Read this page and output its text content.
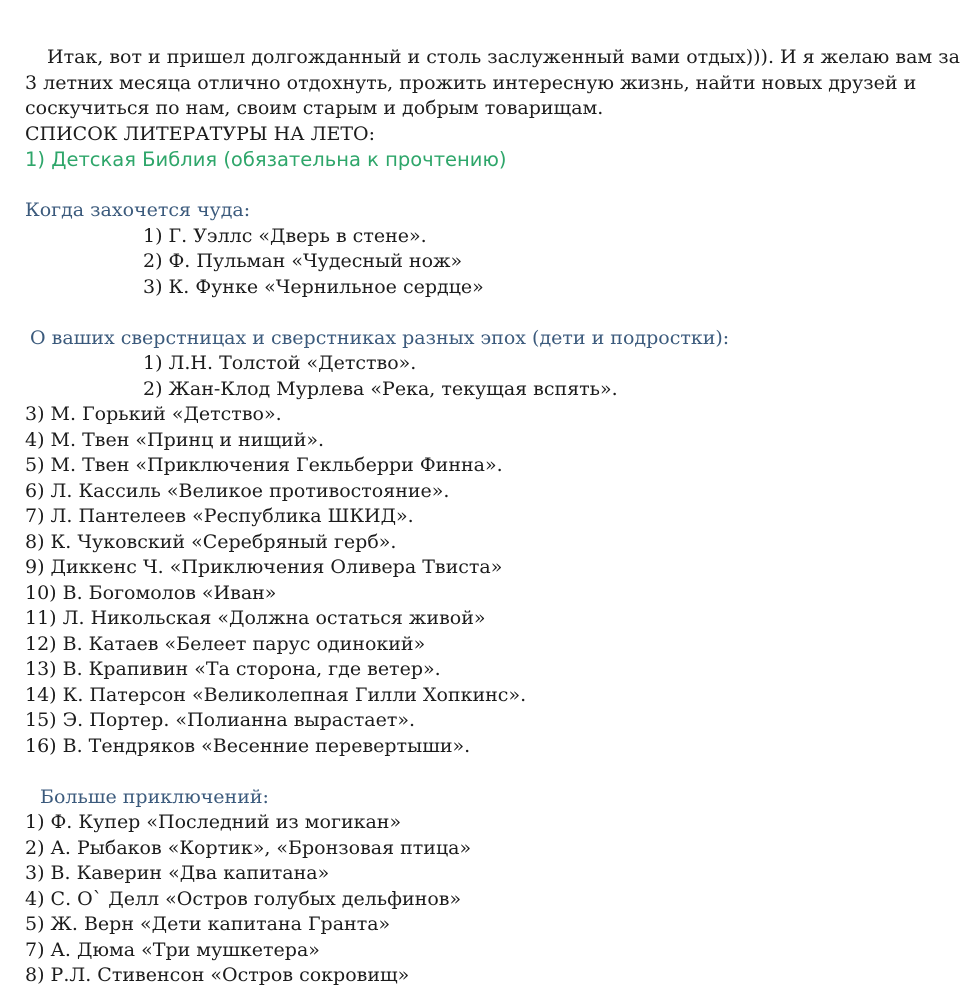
Итак, вот и пришел долгожданный и столь заслуженный вами отдых))). И я желаю вам за 3 летних месяца отлично отдохнуть, прожить интересную жизнь, найти новых друзей и соскучиться по нам, своим старым и добрым товарищам.

СПИСОК ЛИТЕРАТУРЫ НА ЛЕТО:

1) Детская Библия (обязательна к прочтению)

Когда захочется чуда:

1) Г. Уэллс «Дверь в стене».

2) Ф. Пульман «Чудесный нож»

3) К. Функе «Чернильное сердце»

О ваших сверстницах и сверстниках разных эпох (дети и подростки):

1) Л.Н. Толстой «Детство».

2) Жан-Клод Мурлева «Река, текущая вспять».

3) М. Горький «Детство».

4) М. Твен «Принц и нищий».

5) М. Твен «Приключения Гекльберри Финна».

6) Л. Кассиль «Великое противостояние».

7) Л. Пантелеев «Республика ШКИД».

8) К. Чуковский «Серебряный герб».

9) Диккенс Ч. «Приключения Оливера Твиста»

10) В. Богомолов «Иван»

11) Л. Никольская «Должна остаться живой»

12) В. Катаев «Белеет парус одинокий»

13) В. Крапивин «Та сторона, где ветер».

14) К. Патерсон «Великолепная Гилли Хопкинс».

15) Э. Портер. «Полианна вырастает».

16) В. Тендряков «Весенние перевертыши».

Больше приключений:

1) Ф. Купер «Последний из могикан»

2) А. Рыбаков «Кортик», «Бронзовая птица»

3) В. Каверин «Два капитана»

4) С. О` Делл «Остров голубых дельфинов»

5) Ж. Верн «Дети капитана Гранта»

7) А. Дюма «Три мушкетера»

8) Р.Л. Стивенсон «Остров сокровищ»
